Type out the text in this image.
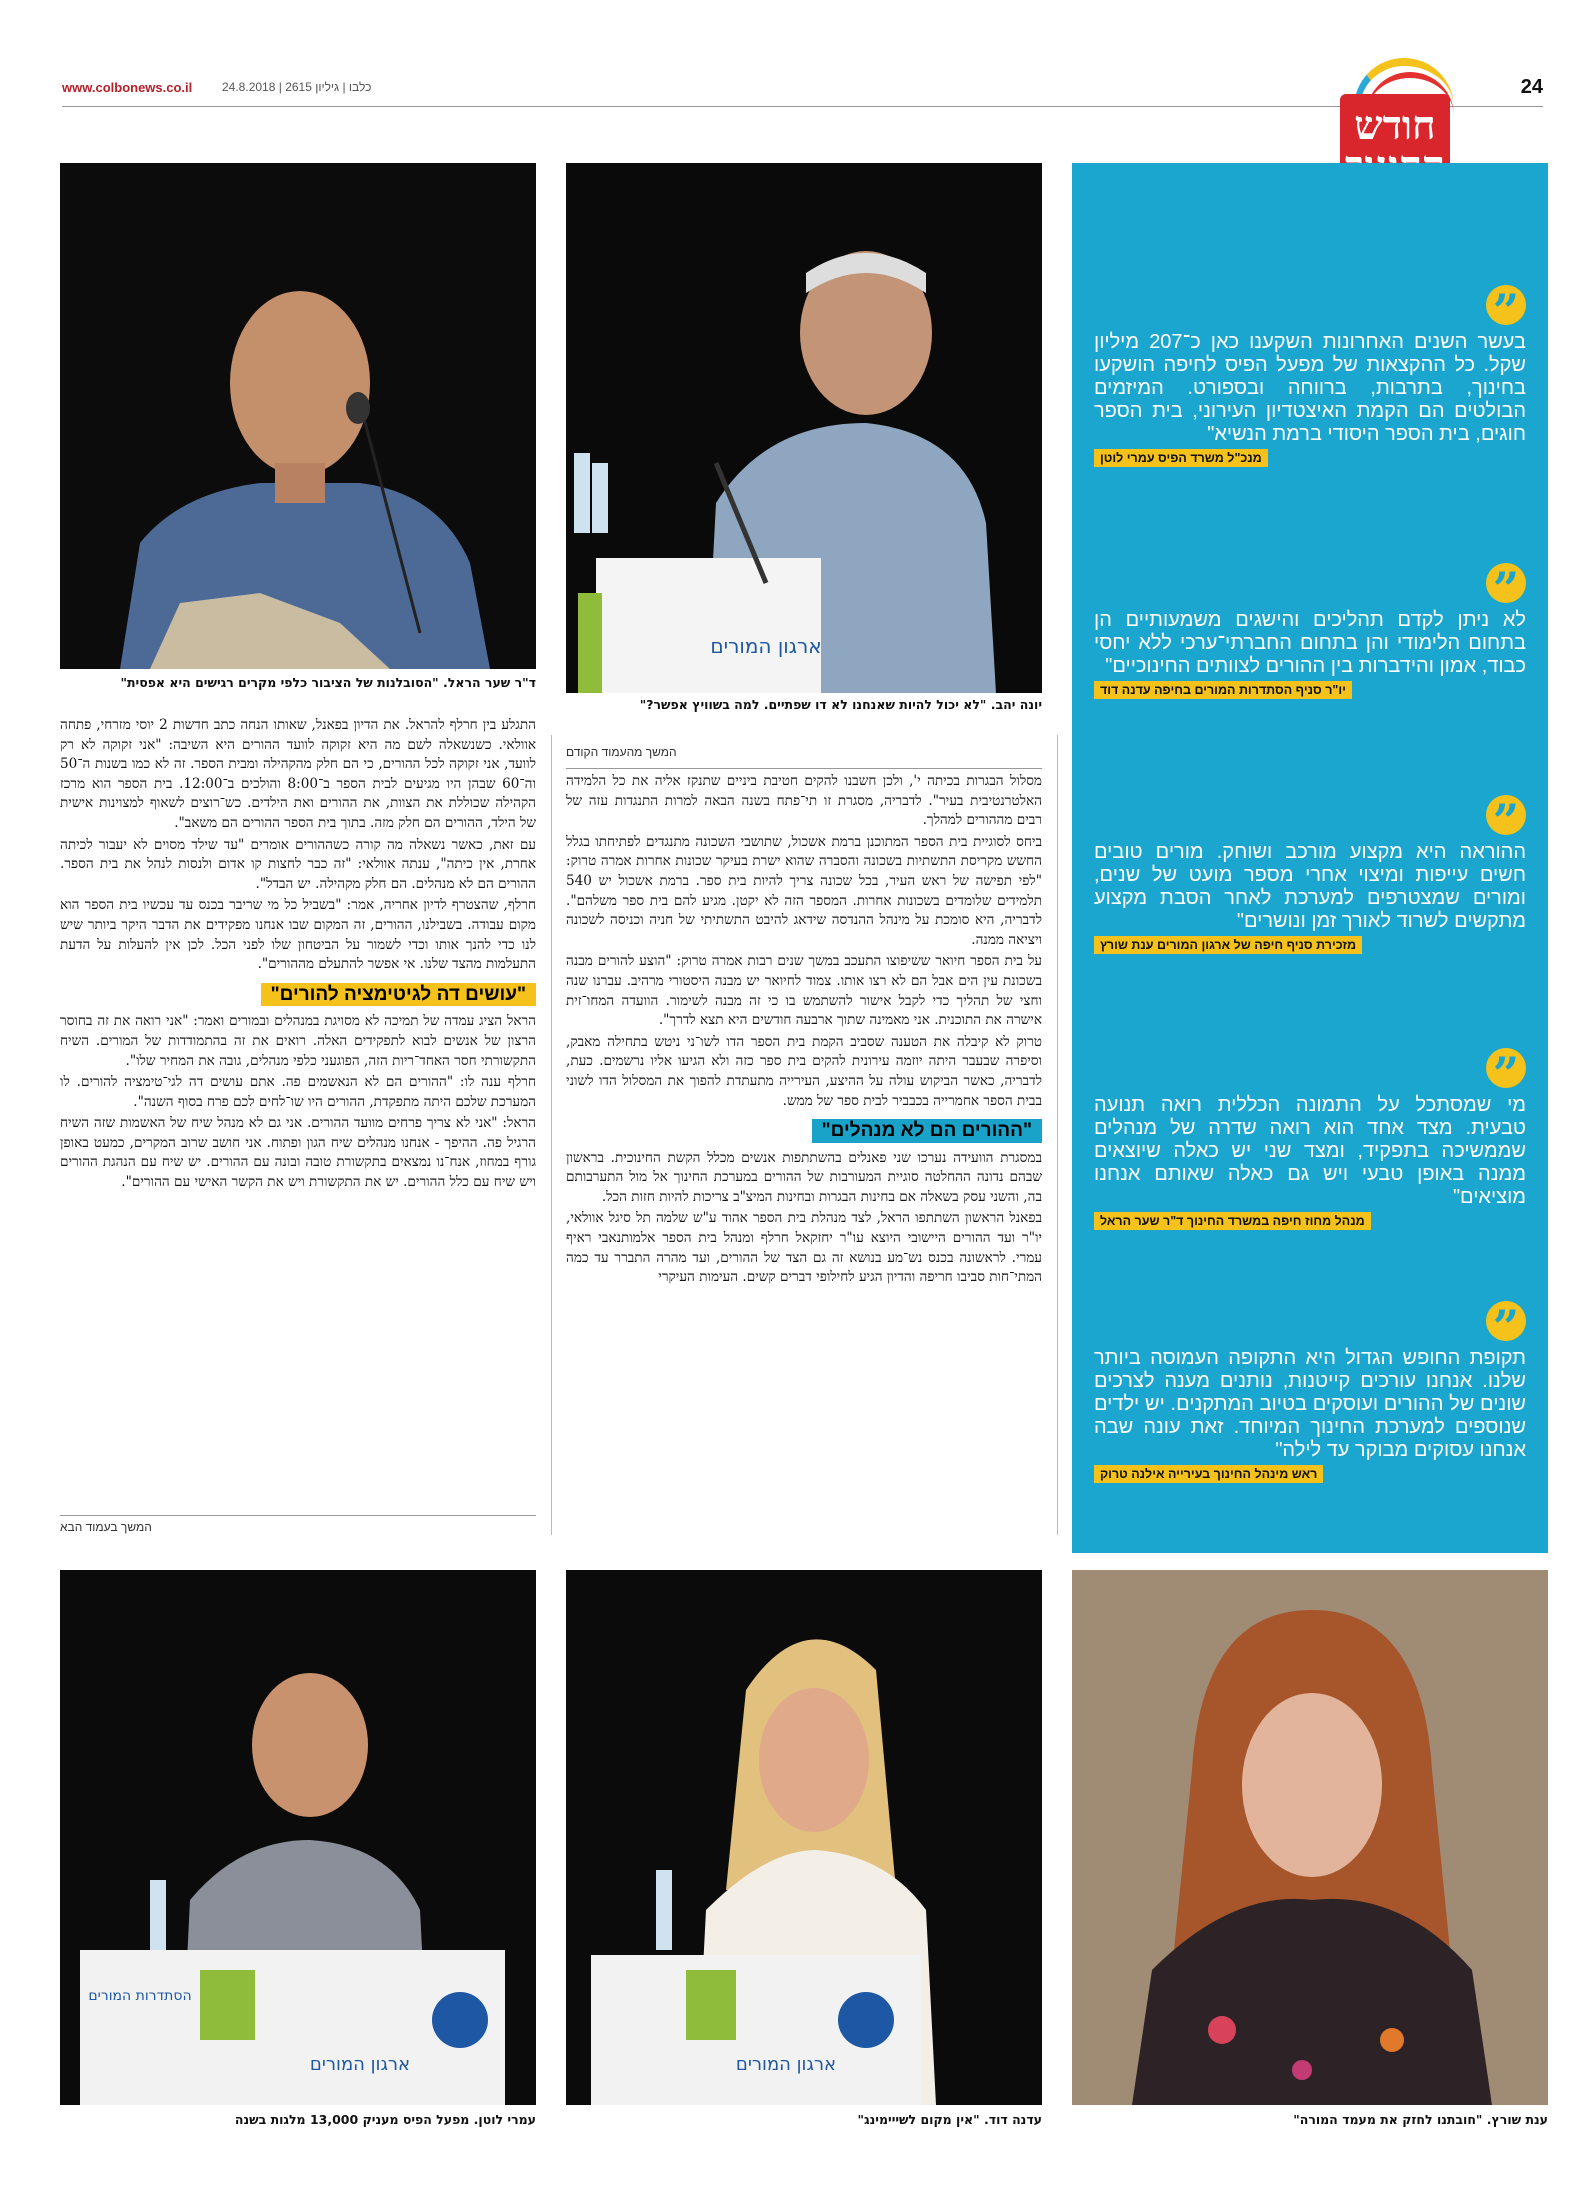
www.colbonews.co.il כלבו | גיליון 2615 | 24.8.2018	24
חודש
ד"ר שער הראל. "הסובלנות של הציבור כלפי מקרים רגישים היא אפסית"
ארגון המורים
יונה יהב. "לא יכול להיות שאנחנו לא דו שפתיים. למה בשוויץ אפשר?"
המשך מהעמוד הקודם

מסלול הבגרות בכיתה י', ולכן חשבנו להקים חטיבת ביניים שתנקז אליה את כל הלמידה האלטרנטיבית בעיר". לדבריה, מסגרת זו תי־פתח בשנה הבאה למרות התנגדות עזה של רבים מההורים למהלך.

ביחס לסוגיית בית הספר המתוכנן ברמת אשכול, שתושבי השכונה מתנגדים לפתיחתו בגלל החשש מקריסת התשתיות בשכונה והסברה שהוא ישרת בעיקר שכונות אחרות אמרה טרוק: "לפי תפישה של ראש העיר, בכל שכונה צריך להיות בית ספר. ברמת אשכול יש 540 תלמידים שלומדים בשכונות אחרות. המספר הזה לא יקטן. מגיע להם בית ספר משלהם". לדבריה, היא סומכת על מינהל ההנדסה שידאג להיבט התשתיתי של חניה וכניסה לשכונה ויציאה ממנה.

על בית הספר חיואר ששיפוצו התעכב במשך שנים רבות אמרה טרוק: "הוצע להורים מבנה בשכונת עין הים אבל הם לא רצו אותו. צמוד לחיואר יש מבנה היסטורי מרהיב. עברנו שנה וחצי של תהליך כדי לקבל אישור להשתמש בו כי זה מבנה לשימור. הוועדה המחו־זית אישרה את התוכנית. אני מאמינה שתוך ארבעה חודשים היא תצא לדרך".

טרוק לא קיבלה את הטענה שסביב הקמת בית הספר הדו לשו־ני ניטש בתחילה מאבק, וסיפרה שבעבר היתה יוזמה עירונית להקים בית ספר כזה ולא הגיעו אליו נרשמים. כעת, לדבריה, כאשר הביקוש עולה על ההיצע, העירייה מתעתדת להפוך את המסלול הדו לשוני בבית הספר אחמרייה בכבביר לבית ספר של ממש.

"ההורים הם לא מנהלים"

במסגרת הוועידה נערכו שני פאנלים בהשתתפות אנשים מכלל הקשת החינוכית. בראשון שבהם נדונה ההחלטה סוגיית המעורבות של ההורים במערכת החינוך אל מול התערבותם בה, והשני עסק בשאלה אם בחינות הבגרות ובחינות המיצ"ב צריכות להיות חזות הכל.

בפאנל הראשון השתתפו הראל, לצד מנהלת בית הספר אהוד ע"ש שלמה תל סיגל אוולאי, יו"ר ועד ההורים היישובי היוצא עו"ר יחזקאל חרלף ומנהל בית הספר אלמותנאבי ראיף עמרי. לראשונה בכנס נש־מע בנושא זה גם הצד של ההורים, ועד מהרה התברר עד כמה המתי־חות סביבו חריפה והדיון הגיע לחילופי דברים קשים. העימות העיקרי

התגלע בין חרלף להראל. את הדיון בפאנל, שאותו הנחה כתב חדשות 2 יוסי מזרחי, פתחה אוולאי. כשנשאלה לשם מה היא זקוקה לוועד ההורים היא השיבה: "אני זקוקה לא רק לוועד, אני זקוקה לכל ההורים, כי הם חלק מהקהילה ומבית הספר. זה לא כמו בשנות ה־50 וה־60 שבהן היו מגיעים לבית הספר ב־8:00 והולכים ב־12:00. בית הספר הוא מרכז הקהילה שכוללת את הצוות, את ההורים ואת הילדים. כש־רוצים לשאוף למצוינות אישית של הילד, ההורים הם חלק מזה. בתוך בית הספר ההורים הם משאב".

עם זאת, כאשר נשאלה מה קורה כשההורים אומרים "עד שילד מסוים לא יעבור לכיתה אחרת, אין כיתה", ענתה אוולאי: "זה כבר לחצות קו אדום ולנסות לנהל את בית הספר. ההורים הם לא מנהלים. הם חלק מקהילה. יש הבדל".

חרלף, שהצטרף לדיון אחריה, אמר: "בשביל כל מי שריבר בכנס עד עכשיו בית הספר הוא מקום עבודה. בשבילנו, ההורים, זה המקום שבו אנחנו מפקידים את הדבר היקר ביותר שיש לנו כדי להנך אותו וכדי לשמור על הביטחון שלו לפני הכל. לכן אין להעלות על הדעת התעלמות מהצד שלנו. אי אפשר להתעלם מההורים".

"עושים דה לגיטימציה להורים"

הראל הציג עמדה של תמיכה לא מסויגת במנהלים ובמורים ואמר: "אני רואה את זה בחוסר הרצון של אנשים לבוא לתפקידים האלה. רואים את זה בהתמודדות של המורים. השיח התקשורתי חסר האחד־ריות הזה, הפוגעני כלפי מנהלים, גובה את המחיר שלו".

חרלף ענה לו: "ההורים הם לא הנאשמים פה. אתם עושים דה לגי־טימציה להורים. לו המערכת שלכם היתה מתפקדת, ההורים היו שו־לחים לכם פרח בסוף השנה".

הראל: "אני לא צריך פרחים מוועד ההורים. אני גם לא מנהל שיח של האשמות שזה השיח הרגיל פה. ההיפך - אנחנו מנהלים שיח הגון ופתוח. אני חושב שרוב המקרים, כמעט באופן גורף במחוז, אנח־נו נמצאים בתקשורת טובה ובונה עם ההורים. יש שיח עם הנהגת ההורים ויש שיח עם כלל ההורים. יש את התקשורת ויש את הקשר האישי עם ההורים".

המשך בעמוד הבא
”
בעשר השנים האחרונות השקענו כאן כ־207 מיליון שקל. כל ההקצאות של מפעל הפיס לחיפה הושקעו בחינוך, בתרבות, ברווחה ובספורט. המיזמים הבולטים הם הקמת האיצטדיון העירוני, בית הספר חוגים, בית הספר היסודי ברמת הנשיא"
מנכ"ל משרד הפיס עמרי לוטן
”
לא ניתן לקדם תהליכים והישגים משמעותיים הן בתחום הלימודי והן בתחום החברתי־ערכי ללא יחסי כבוד, אמון והידברות בין ההורים לצוותים החינוכיים"
יו"ר סניף הסתדרות המורים בחיפה עדנה דוד
”
ההוראה היא מקצוע מורכב ושוחק. מורים טובים חשים עייפות ומיצוי אחרי מספר מועט של שנים, ומורים שמצטרפים למערכת לאחר הסבת מקצוע מתקשים לשרוד לאורך זמן ונושרים"
מזכירת סניף חיפה של ארגון המורים ענת שורץ
”
מי שמסתכל על התמונה הכללית רואה תנועה טבעית. מצד אחד הוא רואה שדרה של מנהלים שממשיכה בתפקיד, ומצד שני יש כאלה שיוצאים ממנה באופן טבעי ויש גם כאלה שאותם אנחנו מוציאים"
מנהל מחוז חיפה במשרד החינוך ד"ר שער הראל
”
תקופת החופש הגדול היא התקופה העמוסה ביותר שלנו. אנחנו עורכים קייטנות, נותנים מענה לצרכים שונים של ההורים ועוסקים בטיוב המתקנים. יש ילדים שנוספים למערכת החינוך המיוחד. זאת עונה שבה אנחנו עסוקים מבוקר עד לילה"
ראש מינהל החינוך בעירייה אילנה טרוק
ארגון המורים
הסתדרות המורים
עמרי לוטן. מפעל הפיס מעניק 13,000 מלגות בשנה
ארגון המורים
עדנה דוד. "אין מקום לשייימינג"	ענת שורץ. "חובתנו לחזק את מעמד המורה"
